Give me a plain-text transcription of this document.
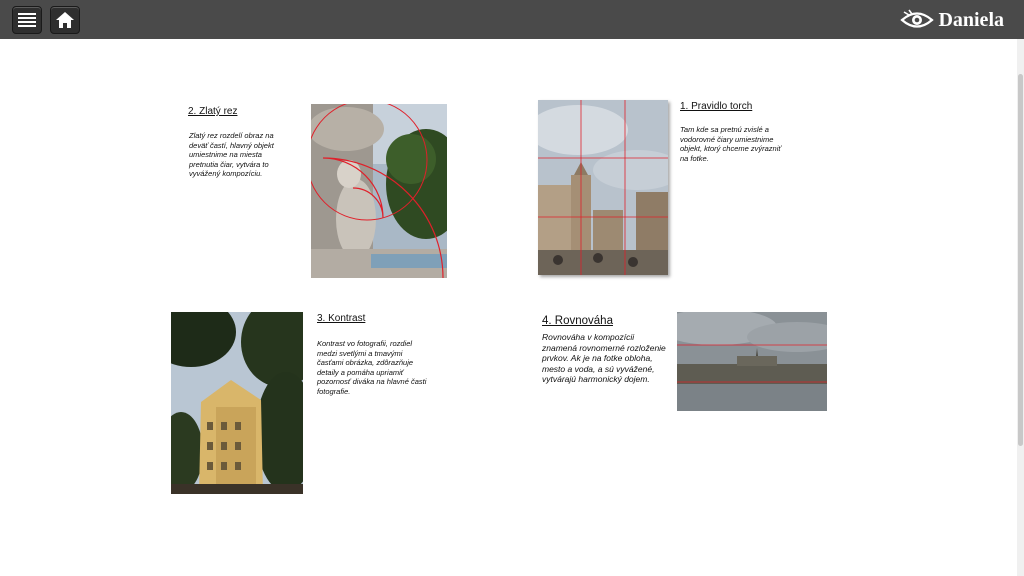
Daniela
2. Zlatý rez
Zlatý rez rozdelí obraz na deväť častí, hlavný objekt umiestnime na miesta pretnutia čiar, vytvára to vyvážený kompozíciu.
1. Pravidlo torch
Tam kde sa pretnú zvislé a vodorovné čiary umiestnime objekt, ktorý chceme zvýrazniť na fotke.
3. Kontrast
Kontrast vo fotografii, rozdiel medzi svetlými a tmavými časťami obrázka, zdôrazňuje detaily a pomáha upriamiť pozornosť diváka na hlavné časti fotografie.
4. Rovnováha
Rovnováha v kompozícii znamená rovnomerné rozloženie prvkov. Ak je na fotke obloha, mesto a voda, a sú vyvážené, vytvárajú harmonický dojem.
